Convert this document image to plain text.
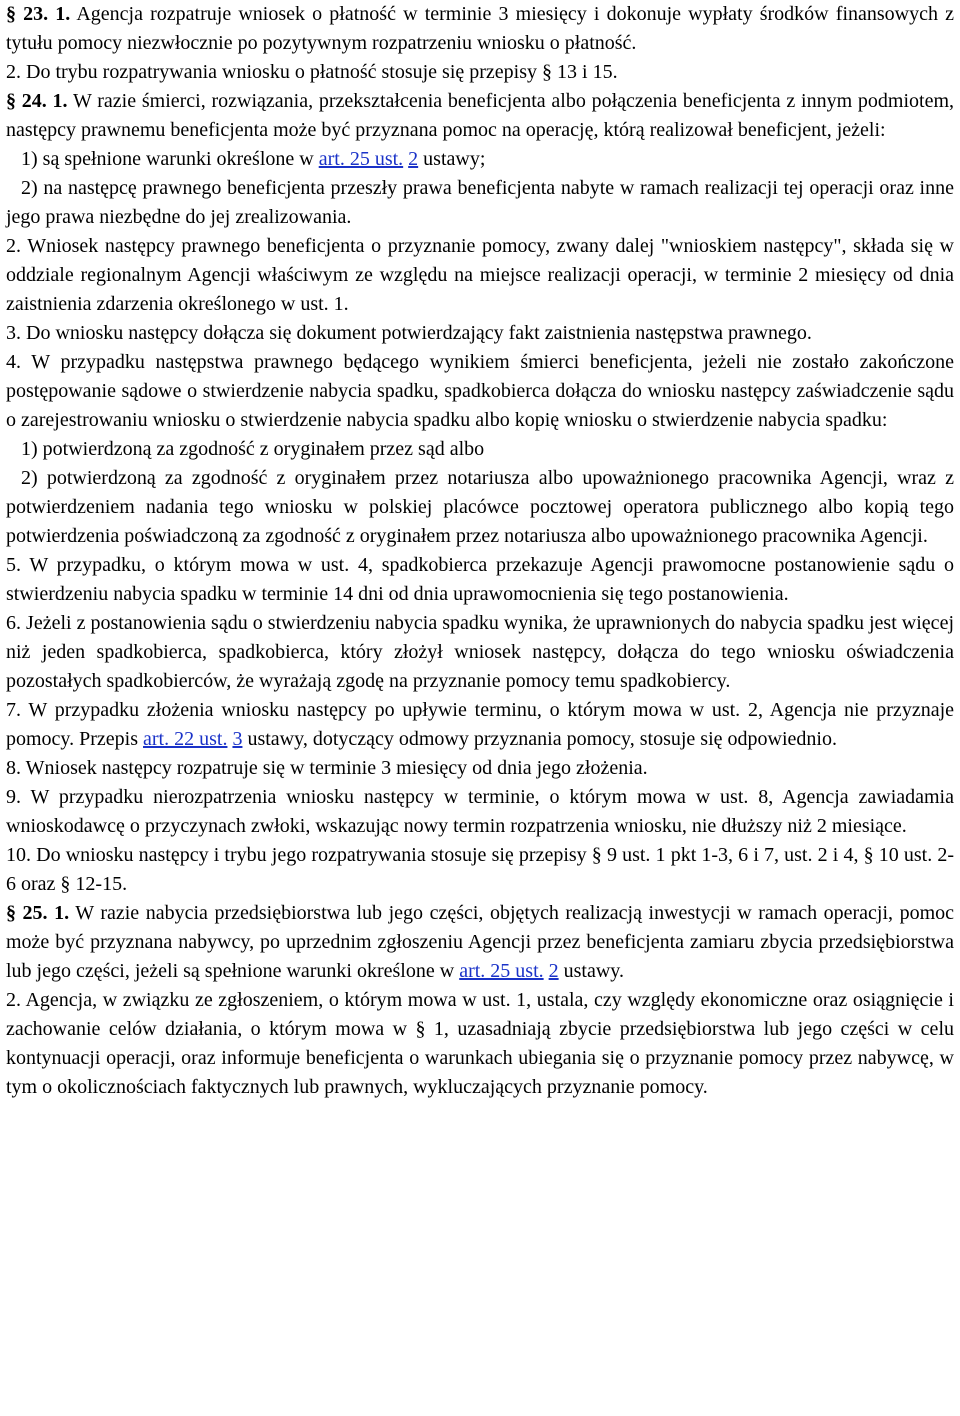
§ 23. 1. Agencja rozpatruje wniosek o płatność w terminie 3 miesięcy i dokonuje wypłaty środków finansowych z tytułu pomocy niezwłocznie po pozytywnym rozpatrzeniu wniosku o płatność.

2. Do trybu rozpatrywania wniosku o płatność stosuje się przepisy § 13 i 15.

§ 24. 1. W razie śmierci, rozwiązania, przekształcenia beneficjenta albo połączenia beneficjenta z innym podmiotem, następcy prawnemu beneficjenta może być przyznana pomoc na operację, którą realizował beneficjent, jeżeli:

1) są spełnione warunki określone w art. 25 ust. 2 ustawy;

2) na następcę prawnego beneficjenta przeszły prawa beneficjenta nabyte w ramach realizacji tej operacji oraz inne jego prawa niezbędne do jej zrealizowania.

2. Wniosek następcy prawnego beneficjenta o przyznanie pomocy, zwany dalej "wnioskiem następcy", składa się w oddziale regionalnym Agencji właściwym ze względu na miejsce realizacji operacji, w terminie 2 miesięcy od dnia zaistnienia zdarzenia określonego w ust. 1.

3. Do wniosku następcy dołącza się dokument potwierdzający fakt zaistnienia następstwa prawnego.

4. W przypadku następstwa prawnego będącego wynikiem śmierci beneficjenta, jeżeli nie zostało zakończone postępowanie sądowe o stwierdzenie nabycia spadku, spadkobierca dołącza do wniosku następcy zaświadczenie sądu o zarejestrowaniu wniosku o stwierdzenie nabycia spadku albo kopię wniosku o stwierdzenie nabycia spadku:

1) potwierdzoną za zgodność z oryginałem przez sąd albo

2) potwierdzoną za zgodność z oryginałem przez notariusza albo upoważnionego pracownika Agencji, wraz z potwierdzeniem nadania tego wniosku w polskiej placówce pocztowej operatora publicznego albo kopią tego potwierdzenia poświadczoną za zgodność z oryginałem przez notariusza albo upoważnionego pracownika Agencji.

5. W przypadku, o którym mowa w ust. 4, spadkobierca przekazuje Agencji prawomocne postanowienie sądu o stwierdzeniu nabycia spadku w terminie 14 dni od dnia uprawomocnienia się tego postanowienia.

6. Jeżeli z postanowienia sądu o stwierdzeniu nabycia spadku wynika, że uprawnionych do nabycia spadku jest więcej niż jeden spadkobierca, spadkobierca, który złożył wniosek następcy, dołącza do tego wniosku oświadczenia pozostałych spadkobierców, że wyrażają zgodę na przyznanie pomocy temu spadkobiercy.

7. W przypadku złożenia wniosku następcy po upływie terminu, o którym mowa w ust. 2, Agencja nie przyznaje pomocy. Przepis art. 22 ust. 3 ustawy, dotyczący odmowy przyznania pomocy, stosuje się odpowiednio.

8. Wniosek następcy rozpatruje się w terminie 3 miesięcy od dnia jego złożenia.

9. W przypadku nierozpatrzenia wniosku następcy w terminie, o którym mowa w ust. 8, Agencja zawiadamia wnioskodawcę o przyczynach zwłoki, wskazując nowy termin rozpatrzenia wniosku, nie dłuższy niż 2 miesiące.

10. Do wniosku następcy i trybu jego rozpatrywania stosuje się przepisy § 9 ust. 1 pkt 1-3, 6 i 7, ust. 2 i 4, § 10 ust. 2-6 oraz § 12-15.

§ 25. 1. W razie nabycia przedsiębiorstwa lub jego części, objętych realizacją inwestycji w ramach operacji, pomoc może być przyznana nabywcy, po uprzednim zgłoszeniu Agencji przez beneficjenta zamiaru zbycia przedsiębiorstwa lub jego części, jeżeli są spełnione warunki określone w art. 25 ust. 2 ustawy.

2. Agencja, w związku ze zgłoszeniem, o którym mowa w ust. 1, ustala, czy względy ekonomiczne oraz osiągnięcie i zachowanie celów działania, o którym mowa w § 1, uzasadniają zbycie przedsiębiorstwa lub jego części w celu kontynuacji operacji, oraz informuje beneficjenta o warunkach ubiegania się o przyznanie pomocy przez nabywcę, w tym o okolicznościach faktycznych lub prawnych, wykluczających przyznanie pomocy.
